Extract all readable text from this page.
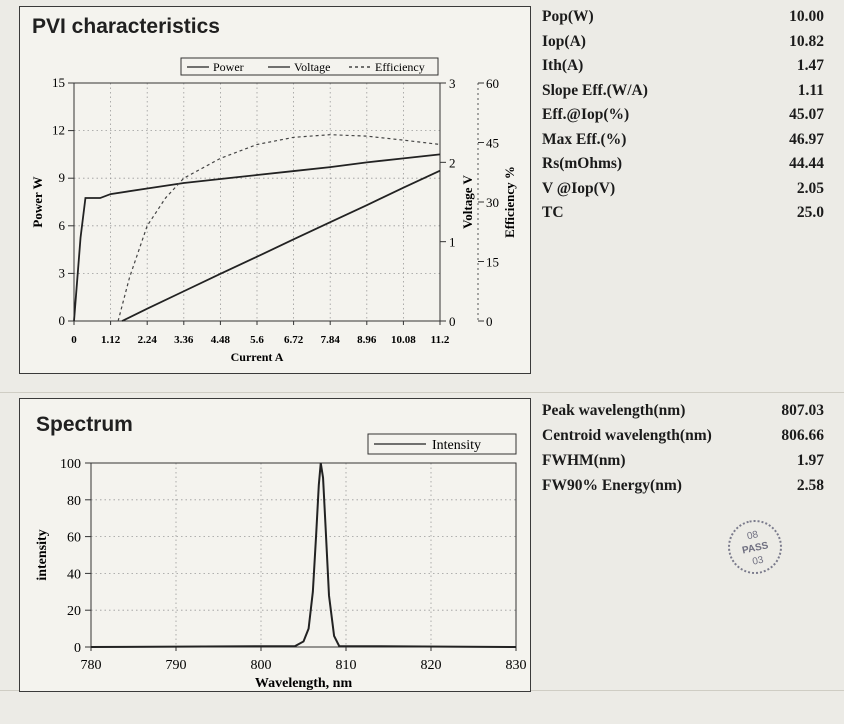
PVI characteristics
0 1.12 2.24 3.36 4.48 5.6 6.72 7.84 8.96 10.08 11.2
Current A
0
3
6
9
12
15
Power W
0
1
2
3
Voltage V
0
15
30
45
60
Efficiency %
Power	Voltage	Efficiency
Pop(W)	10.00
Iop(A)	10.82
Ith(A)	1.47
Slope Eff.(W/A)	1.11
Eff.@Iop(%)	45.07
Max Eff.(%)	46.97
Rs(mOhms)	44.44
V @Iop(V)	2.05
TC	25.0
Spectrum
780	790	800	810	820	830
Wavelength, nm
0
20
40
60
80
100
intensity
Intensity
Peak wavelength(nm)	807.03
Centroid wavelength(nm)	806.66
FWHM(nm)	1.97
FW90% Energy(nm)	2.58
08
PASS
03
